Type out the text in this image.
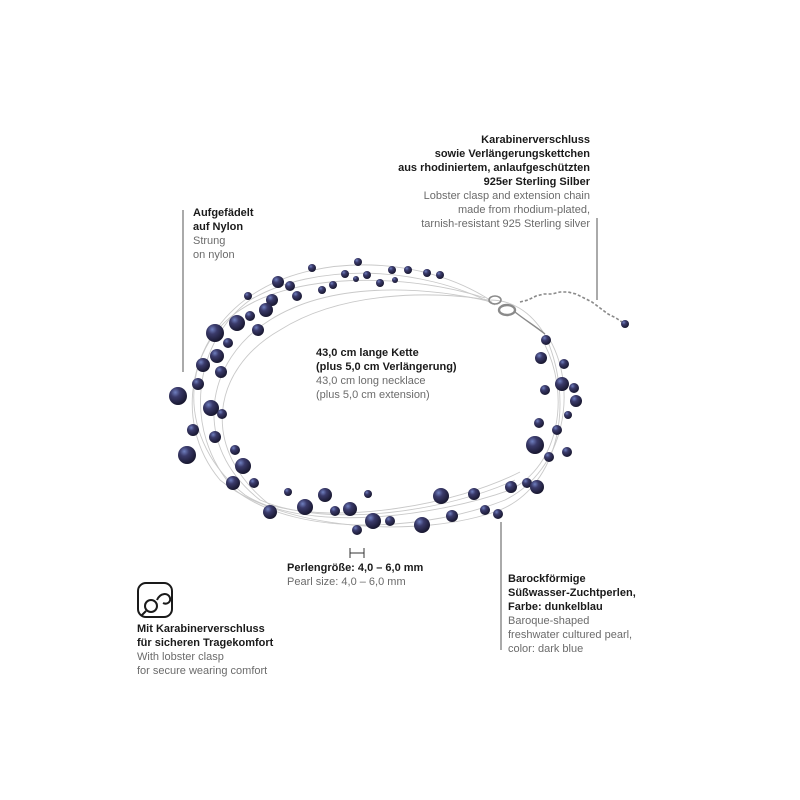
Karabinerverschluss
sowie Verlängerungskettchen
aus rhodiniertem, anlaufgeschützten
925er Sterling Silber
Lobster clasp and extension chain
made from rhodium-plated,
tarnish-resistant 925 Sterling silver
Aufgefädelt
auf Nylon
Strung
on nylon
43,0 cm lange Kette
(plus 5,0 cm Verlängerung)
43,0 cm long necklace
(plus 5,0 cm extension)
Perlengröße: 4,0 – 6,0 mm
Pearl size: 4,0 – 6,0 mm	Barockförmige
Süßwasser-Zuchtperlen,
Farbe: dunkelblau
Baroque-shaped
freshwater cultured pearl,
color: dark blue
Mit Karabinerverschluss
für sicheren Tragekomfort
With lobster clasp
for secure wearing comfort
